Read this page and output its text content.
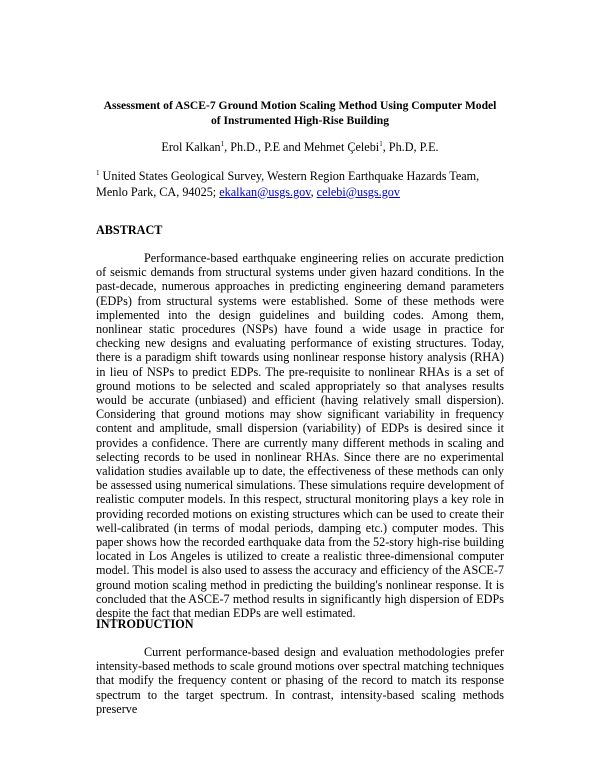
Assessment of ASCE-7 Ground Motion Scaling Method Using Computer Model
of Instrumented High-Rise Building
Erol Kalkan$^1$, Ph.D., P.E and Mehmet Çelebi$^1$, Ph.D, P.E.
$^1$ United States Geological Survey, Western Region Earthquake Hazards Team,
Menlo Park, CA, 94025; ekalkan@usgs.gov, celebi@usgs.gov
ABSTRACT
Performance-based earthquake engineering relies on accurate prediction of seismic demands from structural systems under given hazard conditions. In the past-decade, numerous approaches in predicting engineering demand parameters (EDPs) from structural systems were established. Some of these methods were implemented into the design guidelines and building codes. Among them, nonlinear static procedures (NSPs) have found a wide usage in practice for checking new designs and evaluating performance of existing structures. Today, there is a paradigm shift towards using nonlinear response history analysis (RHA) in lieu of NSPs to predict EDPs. The pre-requisite to nonlinear RHAs is a set of ground motions to be selected and scaled appropriately so that analyses results would be accurate (unbiased) and efficient (having relatively small dispersion). Considering that ground motions may show significant variability in frequency content and amplitude, small dispersion (variability) of EDPs is desired since it provides a confidence. There are currently many different methods in scaling and selecting records to be used in nonlinear RHAs. Since there are no experimental validation studies available up to date, the effectiveness of these methods can only be assessed using numerical simulations. These simulations require development of realistic computer models. In this respect, structural monitoring plays a key role in providing recorded motions on existing structures which can be used to create their well-calibrated (in terms of modal periods, damping etc.) computer modes. This paper shows how the recorded earthquake data from the 52-story high-rise building located in Los Angeles is utilized to create a realistic three-dimensional computer model. This model is also used to assess the accuracy and efficiency of the ASCE-7 ground motion scaling method in predicting the building's nonlinear response. It is concluded that the ASCE-7 method results in significantly high dispersion of EDPs despite the fact that median EDPs are well estimated.
INTRODUCTION
Current performance-based design and evaluation methodologies prefer intensity-based methods to scale ground motions over spectral matching techniques that modify the frequency content or phasing of the record to match its response spectrum to the target spectrum. In contrast, intensity-based scaling methods preserve
